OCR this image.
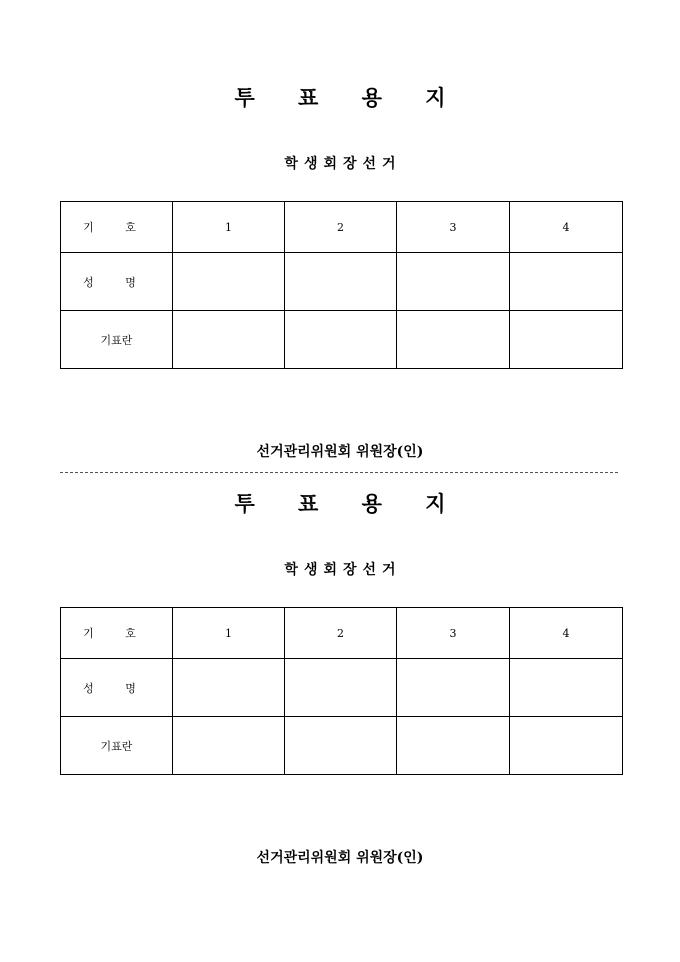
투 표 용 지
학생회장선거
기 호	1	2	3	4
성 명				
기표란				
선거관리위원회 위원장(인)
투 표 용 지
학생회장선거
기 호	1	2	3	4
성 명				
기표란				
선거관리위원회 위원장(인)
